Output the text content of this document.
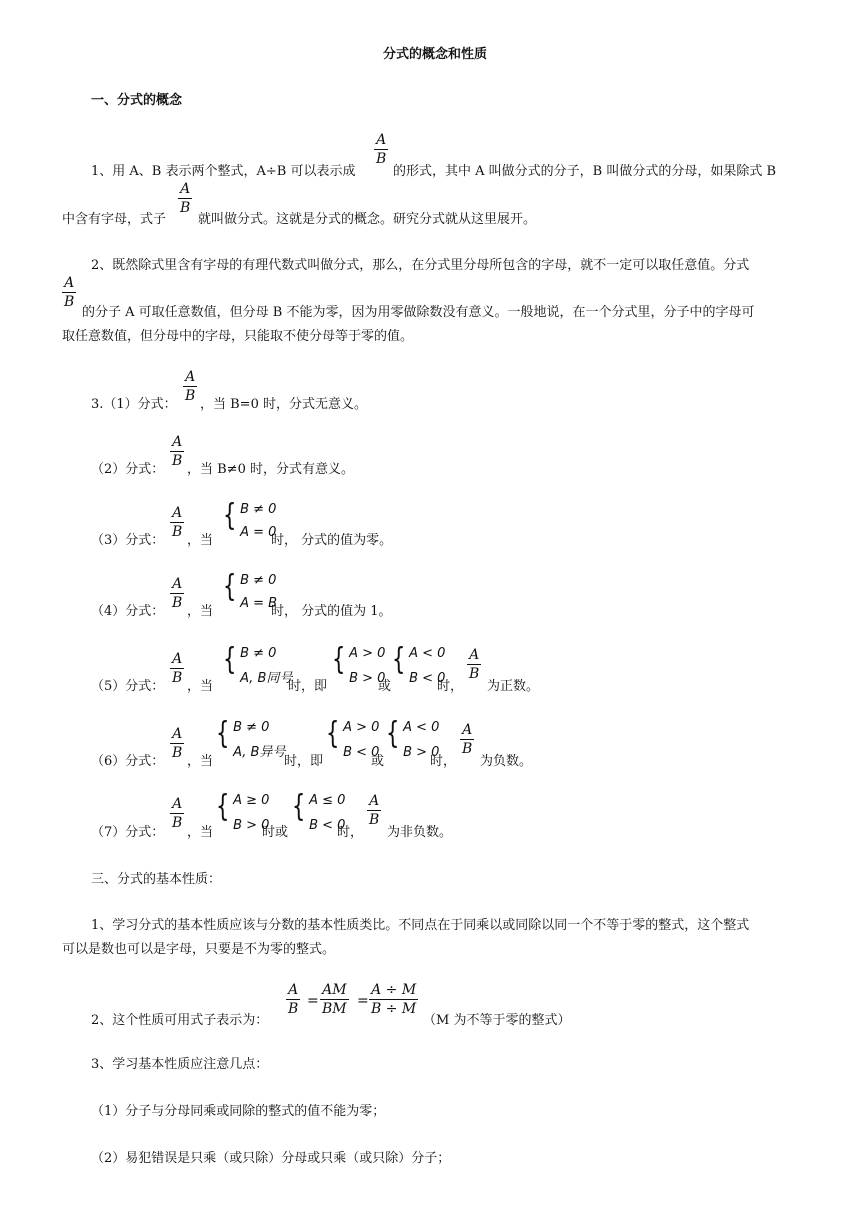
分式的概念和性质
一、分式的概念
1、用 A、B 表示两个整式，A÷B 可以表示成
A
B
的形式，其中 A 叫做分式的分子，B 叫做分式的分母，如果除式 B
中含有字母，式子
A
B
就叫做分式。这就是分式的概念。研究分式就从这里展开。
2、既然除式里含有字母的有理代数式叫做分式，那么，在分式里分母所包含的字母，就不一定可以取任意值。分式
A
B
的分子 A 可取任意数值，但分母 B 不能为零，因为用零做除数没有意义。一般地说，在一个分式里，分子中的字母可
取任意数值，但分母中的字母，只能取不使分母等于零的值。
3.（1）分式：
A
B
，当 B=0 时，分式无意义。
（2）分式：
A
B
，当 B≠0 时，分式有意义。
（3）分式：
A
B
，当
{ B ≠ 0
A = 0
时， 分式的值为零。
（4）分式：
A
B
，当
{ B ≠ 0
A = B
时， 分式的值为 1。
（5）分式：
A
B
，当
{ B ≠ 0
A, B同号
时，即
{ A > 0
B > 0
或
{ A < 0
B < 0
时，
A
B
为正数。
（6）分式：
A
B
，当
{ B ≠ 0
A, B异号
时，即
{ A > 0
B < 0
或
{ A < 0
B > 0
时，
A
B
为负数。
（7）分式：
A
B
，当
{ A ≥ 0
B > 0
时或
{ A ≤ 0
B < 0
时，
A
B
为非负数。
三、分式的基本性质：
1、学习分式的基本性质应该与分数的基本性质类比。不同点在于同乘以或同除以同一个不等于零的整式，这个整式
可以是数也可以是字母，只要是不为零的整式。
2、这个性质可用式子表示为：
A
B =
AM
BM =
A ÷ M
B ÷ M
（M 为不等于零的整式）
3、学习基本性质应注意几点：
（1）分子与分母同乘或同除的整式的值不能为零；
（2）易犯错误是只乘（或只除）分母或只乘（或只除）分子；
